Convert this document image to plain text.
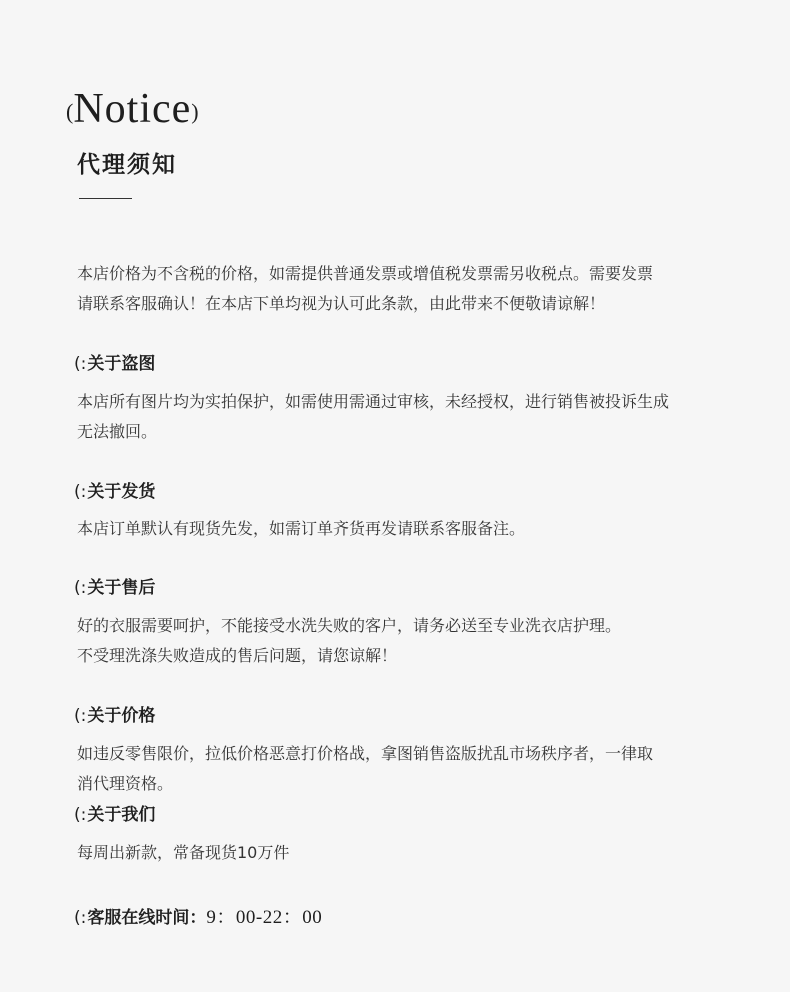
(Notice)
代理须知

本店价格为不含税的价格，如需提供普通发票或增值税发票需另收税点。需要发票
请联系客服确认！在本店下单均视为认可此条款，由此带来不便敬请谅解！

(:关于盗图

本店所有图片均为实拍保护，如需使用需通过审核，未经授权，进行销售被投诉生成
无法撤回。

(:关于发货

本店订单默认有现货先发，如需订单齐货再发请联系客服备注。

(:关于售后

好的衣服需要呵护，不能接受水洗失败的客户，请务必送至专业洗衣店护理。
不受理洗涤失败造成的售后问题，请您谅解！

(:关于价格

如违反零售限价，拉低价格恶意打价格战，拿图销售盗版扰乱市场秩序者，一律取
消代理资格。

(:关于我们

每周出新款，常备现货10万件

(:客服在线时间：9：00-22：00
